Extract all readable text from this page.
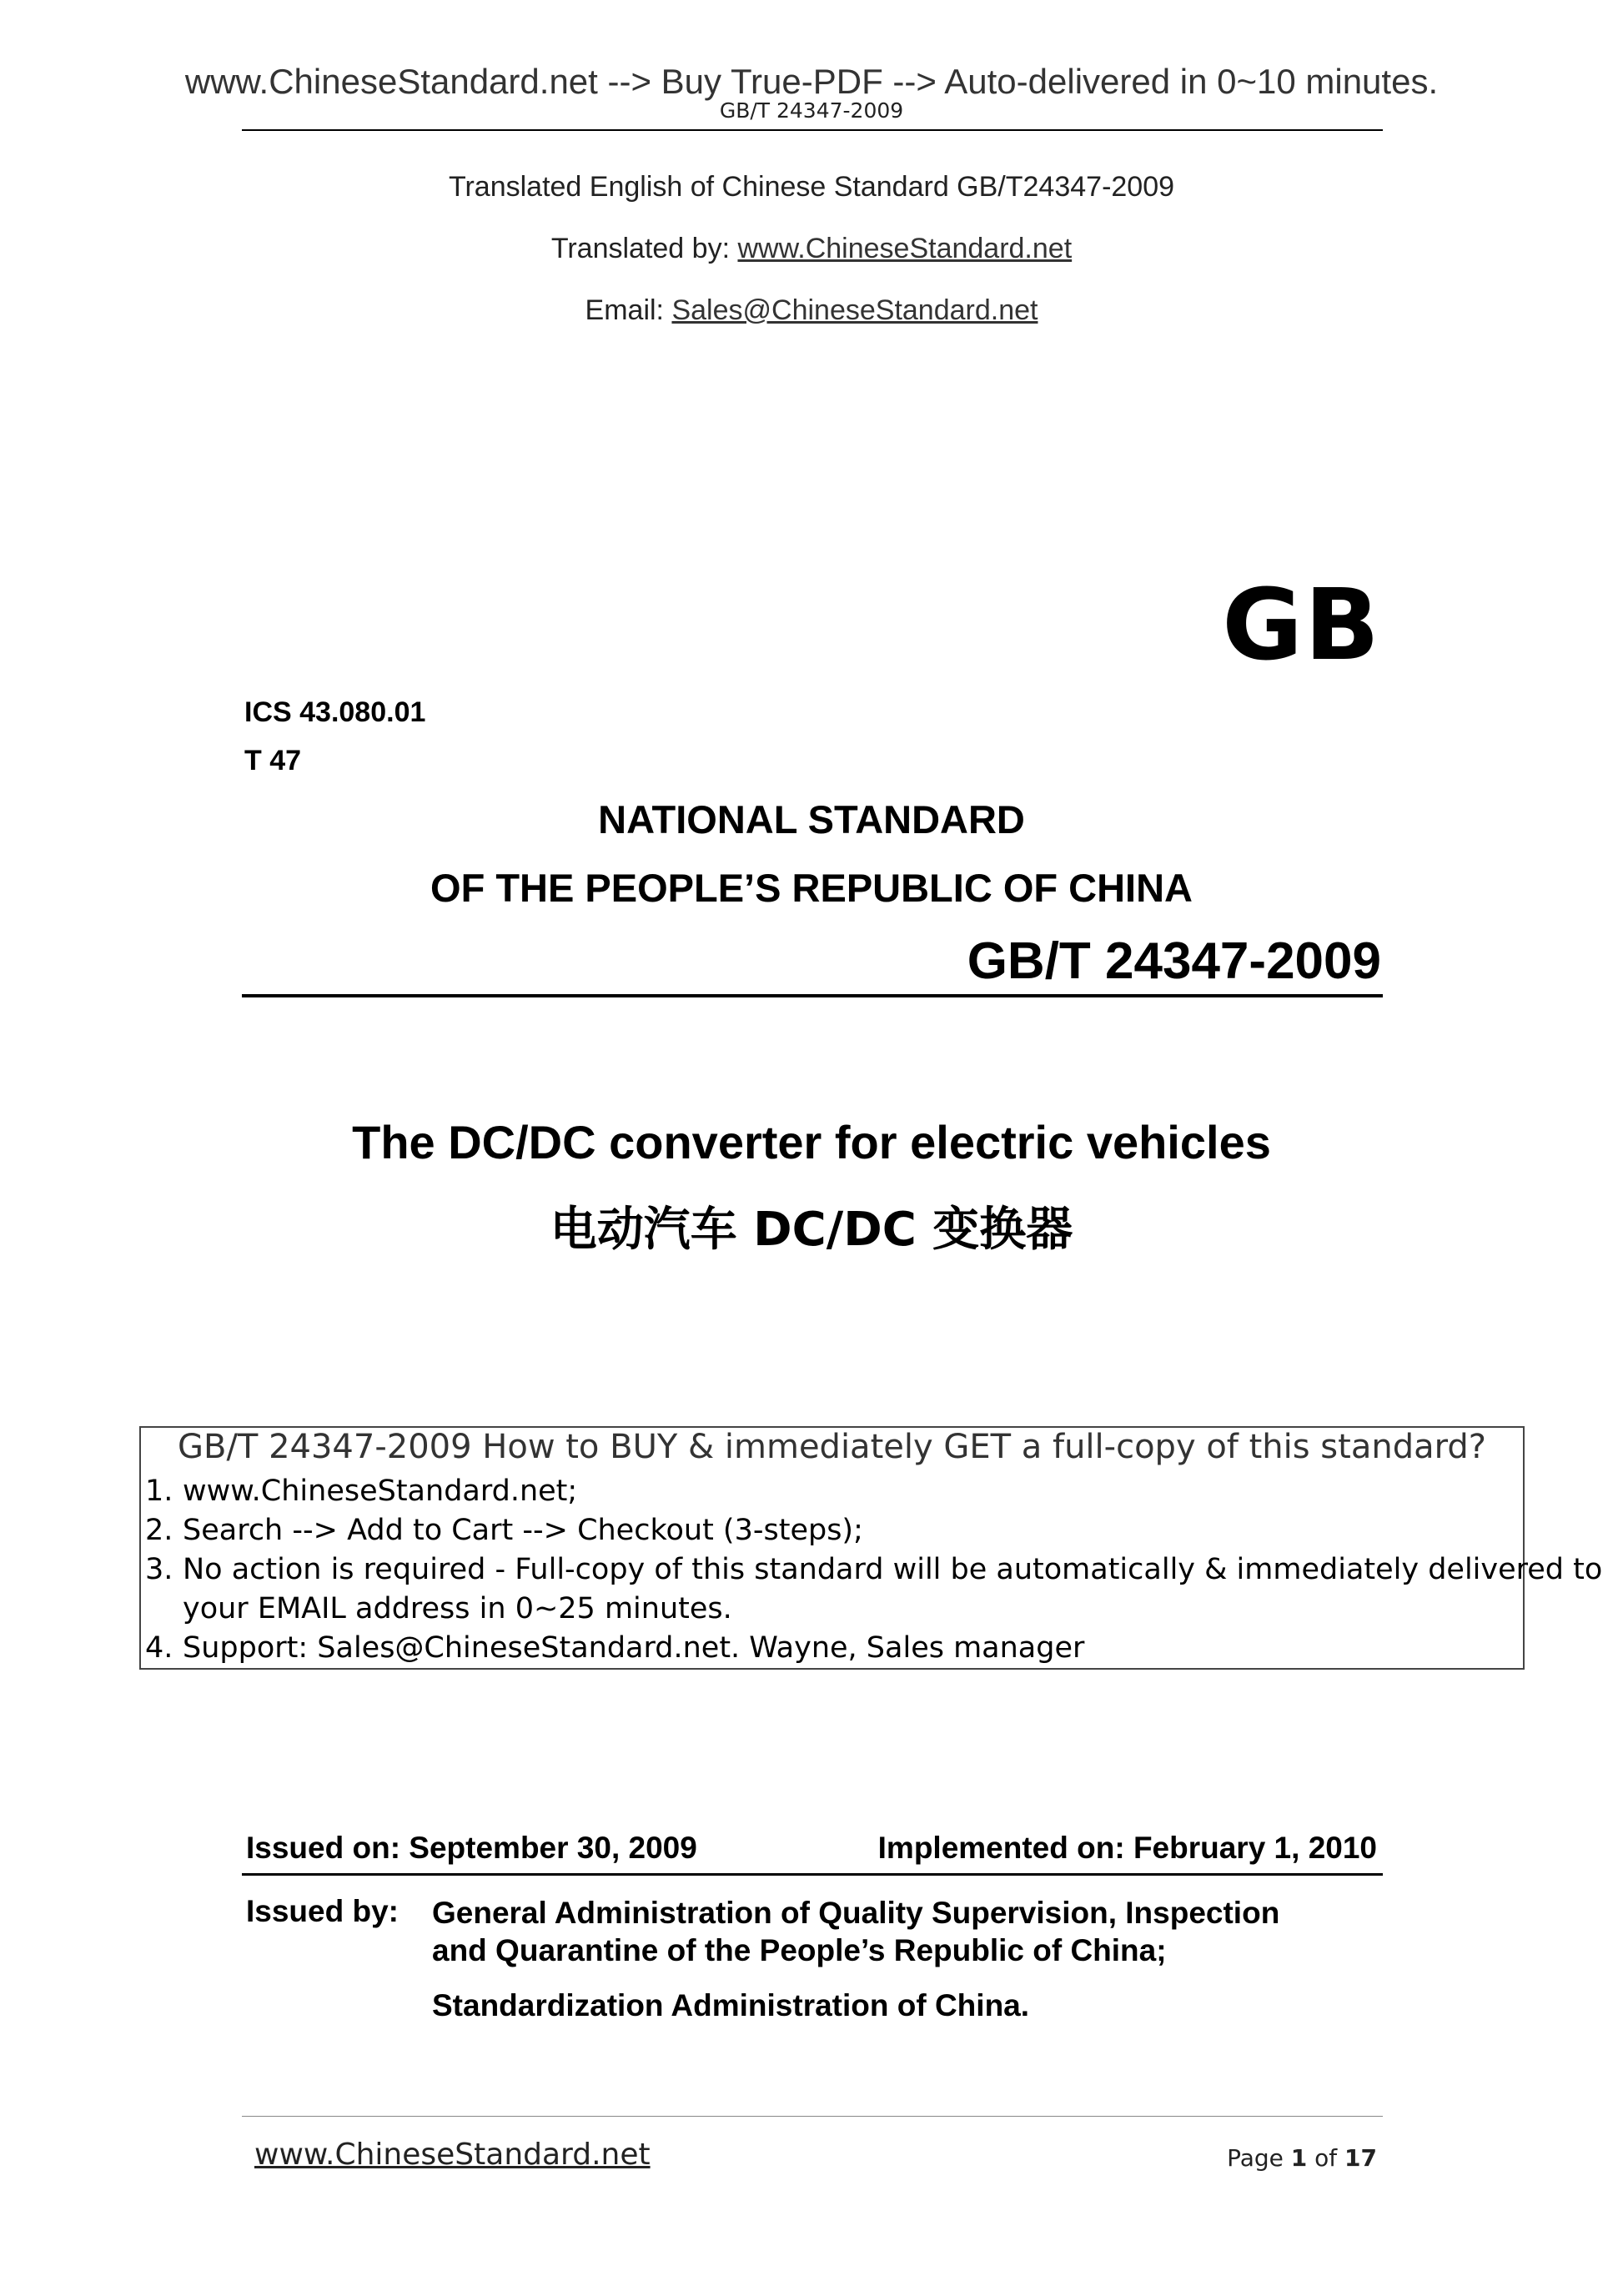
www.ChineseStandard.net --> Buy True-PDF --> Auto-delivered in 0~10 minutes.
GB/T 24347-2009
Translated English of Chinese Standard GB/T24347-2009
Translated by: www.ChineseStandard.net
Email: Sales@ChineseStandard.net
GB
ICS 43.080.01
T 47
NATIONAL STANDARD
OF THE PEOPLE’S REPUBLIC OF CHINA
GB/T 24347-2009
The DC/DC converter for electric vehicles
电动汽车 DC/DC 变换器
GB/T 24347-2009 How to BUY & immediately GET a full-copy of this standard?
1. www.ChineseStandard.net;
2. Search --> Add to Cart --> Checkout (3-steps);
3. No action is required - Full-copy of this standard will be automatically & immediately delivered to
your EMAIL address in 0~25 minutes.
4. Support: Sales@ChineseStandard.net. Wayne, Sales manager
Issued on: September 30, 2009	Implemented on: February 1, 2010
Issued by: General Administration of Quality Supervision, Inspection
and Quarantine of the People’s Republic of China;
Standardization Administration of China.
www.ChineseStandard.net	Page 1 of 17
